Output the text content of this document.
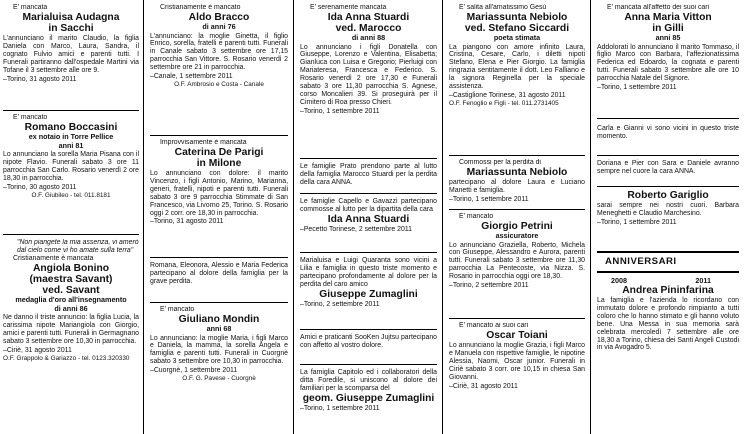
E' mancata
Marialuisa Audagna
in Sacchi
L'annunciano il marito Claudio, la figlia Daniela con Marco, Laura, Sandra, il cognato Fulvio amici e parenti tutti. I Funerali partiranno dall'ospedale Martini via Tofane il 3 settembre alle ore 9.
–Torino, 31 agosto 2011
E' mancato
Romano Boccasini
ex notaio in Torre Pellice
anni 81
Lo annunciano la sorella Maria Pisana con il nipote Flavio. Funerali sabato 3 ore 11 parrocchia San Carlo. Rosario venerdì 2 ore 18,30 in parrocchia.
–Torino, 30 agosto 2011
O.F. Giubileo - tel. 011.8181
"Non piangete la mia assenza, vi amerò dal cielo come vi ho amate sulla terra"
Cristianamente è mancata
Angiola Bonino
(maestra Savant)
ved. Savant
medaglia d'oro all'insegnamento
di anni 86
Ne danno il triste annuncio: la figlia Lucia, la carissima nipote Mariangiola con Giorgio, amici e parenti tutti. Funerali in Germagnano sabato 3 settembre ore 10,30 in parrocchia.
–Ciriè, 31 agosto 2011
O.F. Grappolo & Gariazzo - tel. 0123.320330
Cristianamente è mancato
Aldo Bracco
di anni 76
L'annunciano: la moglie Ginetta, il figlio Enrico, sorella, fratelli e parenti tutti. Funerali in Canale sabato 3 settembre ore 17,15 parrocchia San Vittore. S. Rosario venerdì 2 settembre ore 21 in parrocchia.
–Canale, 1 settembre 2011
O.F. Ambrosio e Costa - Canale
Improvvisamente è mancata
Caterina De Parigi
in Milone
Lo annunciano con dolore: il marito Vincenzo, i figli Antonio, Marino, Marianna, generi, fratelli, nipoti e parenti tutti. Funerali sabato 3 ore 9 parrocchia Stimmate di San Francesco, via Livorno 25, Torino. S. Rosario oggi 2 corr. ore 18,30 in parrocchia.
–Torino, 31 agosto 2011
Romana, Eleonora, Alessio e Maria Federica partecipano al dolore della famiglia per la grave perdita.
E' mancato
Giuliano Mondin
anni 68
Lo annunciano: la moglie Maria, i figli Marco e Daniela, la mamma, la sorella Angela e famiglia e parenti tutti. Funerali in Cuorgnè sabato 3 settembre ore 10,30 in parrocchia.
–Cuorgnè, 1 settembre 2011
O.F. G. Pavese - Cuorgnè
E' serenamente mancata
Ida Anna Stuardi
ved. Marocco
di anni 88
Lo annunciano i figli Donatella con Giuseppe, Lorenzo e Valentina, Elisabetta; Gianluca con Luisa e Gregorio; Pierluigi con Mariateresa, Francesca e Federico. S. Rosario venerdì 2 ore 17,30 e Funerali sabato 3 ore 11,30 parrocchia S. Agnese, corso Moncalieri 39. Si proseguirà per il Cimitero di Roa presso Chieri.
–Torino, 1 settembre 2011
Le famiglie Prato prendono parte al lutto della famiglia Marocco Stuardi per la perdita della cara ANNA.
Le famiglie Capello e Gavazzi partecipano commosse al lutto per la dipartita della cara
Ida Anna Stuardi
–Pecetto Torinese, 2 settembre 2011
Marialuisa e Luigi Quaranta sono vicini a Lilia e famiglia in questo triste momento e partecipano profondamente al dolore per la perdita del caro amico
Giuseppe Zumaglini
–Torino, 2 settembre 2011
Amici e praticanti SooKen Jujtsu partecipano con affetto al vostro dolore.
La famiglia Capitolo ed i collaboratori della ditta Foredile, si uniscono al dolore dei familiari per la scomparsa del
geom. Giuseppe Zumaglini
–Torino, 1 settembre 2011
E' salita all'amatissimo Gesù
Mariassunta Nebiolo
ved. Stefano Siccardi
poeta stimata
La piangono con amore infinito Laura, Cristina, Cesare, Carlo, i diletti nipoti Stefano, Elena e Pier Giorgio. La famiglia ringrazia sentitamente il dott. Leo Falliano e la signora Reginella per la speciale assistenza.
–Castiglione Torinese, 31 agosto 2011
O.F. Fenoglio e Figli - tel. 011.2731405
Commossi per la perdita di
Mariassunta Nebiolo
partecipano al dolore Laura e Luciano Manetti e famiglia.
–Torino, 1 settembre 2011
E' mancato
Giorgio Petrini
assicuratore
Lo annunciano Graziella, Roberto, Michela con Giuseppe, Alessandro e Aurora, parenti tutti. Funerali sabato 3 settembre ore 11,30 parrocchia La Pentecoste, via Nizza. S. Rosario in parrocchia oggi ore 18,30.
–Torino, 2 settembre 2011
E' mancato ai suoi cari
Oscar Toiani
Lo annunciano la moglie Grazia, i figli Marco e Manuela con rispettive famiglie, le nipotine Alessia, Naomi, Oscar junior. Funerali in Ciriè sabato 3 corr. ore 10,15 in chiesa San Giovanni.
–Ciriè, 31 agosto 2011
E' mancata all'affetto dei suoi cari
Anna Maria Vitton
in Gilli
anni 85
Addolorati lo annunciano il marito Tommaso, il figlio Marco con Barbara, l'affezionatissima Federica ed Edoardo, la cognata e parenti tutti. Funerali sabato 3 settembre alle ore 10 parrocchia Natale del Signore.
–Torino, 1 settembre 2011
Carla e Gianni vi sono vicini in questo triste momento.
Doriana e Pier con Sara e Daniele avranno sempre nel cuore la cara ANNA.
Roberto Gariglio
sarai sempre nei nostri cuori. Barbara Meneghetti e Claudio Marchesino.
–Torino, 1 settembre 2011
ANNIVERSARI
2008	2011
Andrea Pininfarina
La famiglia e l'azienda lo ricordano con immutato dolore e profondo rimpianto a tutti coloro che lo hanno stimato e gli hanno voluto bene. Una Messa in sua memoria sarà celebrata mercoledì 7 settembre alle ore 18,30 a Torino, chiesa dei Santi Angeli Custodi in via Avogadro 5.
